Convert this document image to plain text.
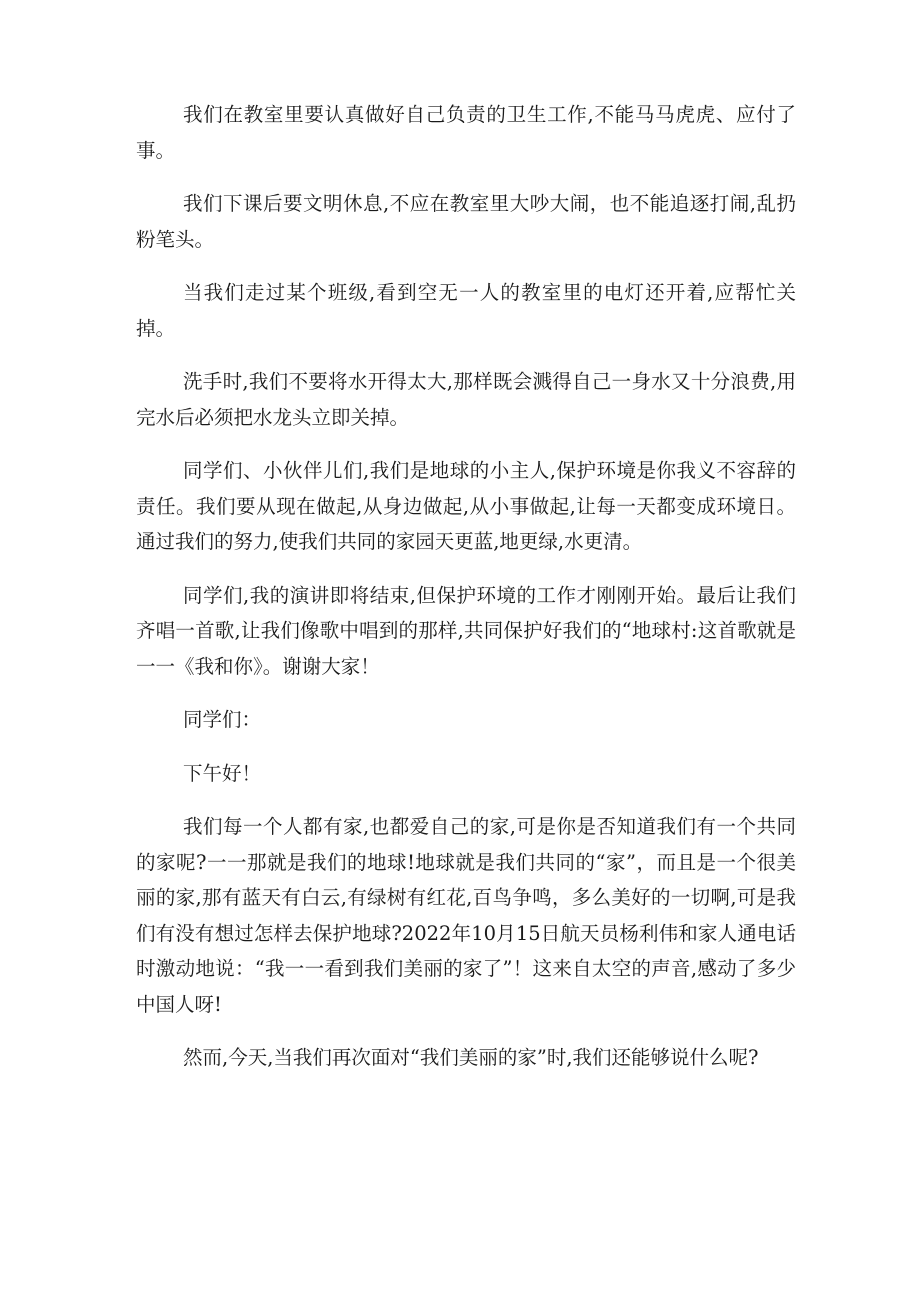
我们在教室里要认真做好自己负责的卫生工作,不能马马虎虎、应付了事。

我们下课后要文明休息,不应在教室里大吵大闹，也不能追逐打闹,乱扔粉笔头。

当我们走过某个班级,看到空无一人的教室里的电灯还开着,应帮忙关掉。

洗手时,我们不要将水开得太大,那样既会溅得自己一身水又十分浪费,用完水后必须把水龙头立即关掉。

同学们、小伙伴儿们,我们是地球的小主人,保护环境是你我义不容辞的责任。我们要从现在做起,从身边做起,从小事做起,让每一天都变成环境日。通过我们的努力,使我们共同的家园天更蓝,地更绿,水更清。

同学们,我的演讲即将结束,但保护环境的工作才刚刚开始。最后让我们齐唱一首歌,让我们像歌中唱到的那样,共同保护好我们的“地球村:这首歌就是一一《我和你》。谢谢大家！

同学们：

下午好！

我们每一个人都有家,也都爱自己的家,可是你是否知道我们有一个共同的家呢?一一那就是我们的地球!地球就是我们共同的“家”，而且是一个很美丽的家,那有蓝天有白云,有绿树有红花,百鸟争鸣，多么美好的一切啊,可是我们有没有想过怎样去保护地球?2022年10月15日航天员杨利伟和家人通电话时激动地说：“我一一看到我们美丽的家了”！这来自太空的声音,感动了多少中国人呀!

然而,今天,当我们再次面对“我们美丽的家”时,我们还能够说什么呢?
